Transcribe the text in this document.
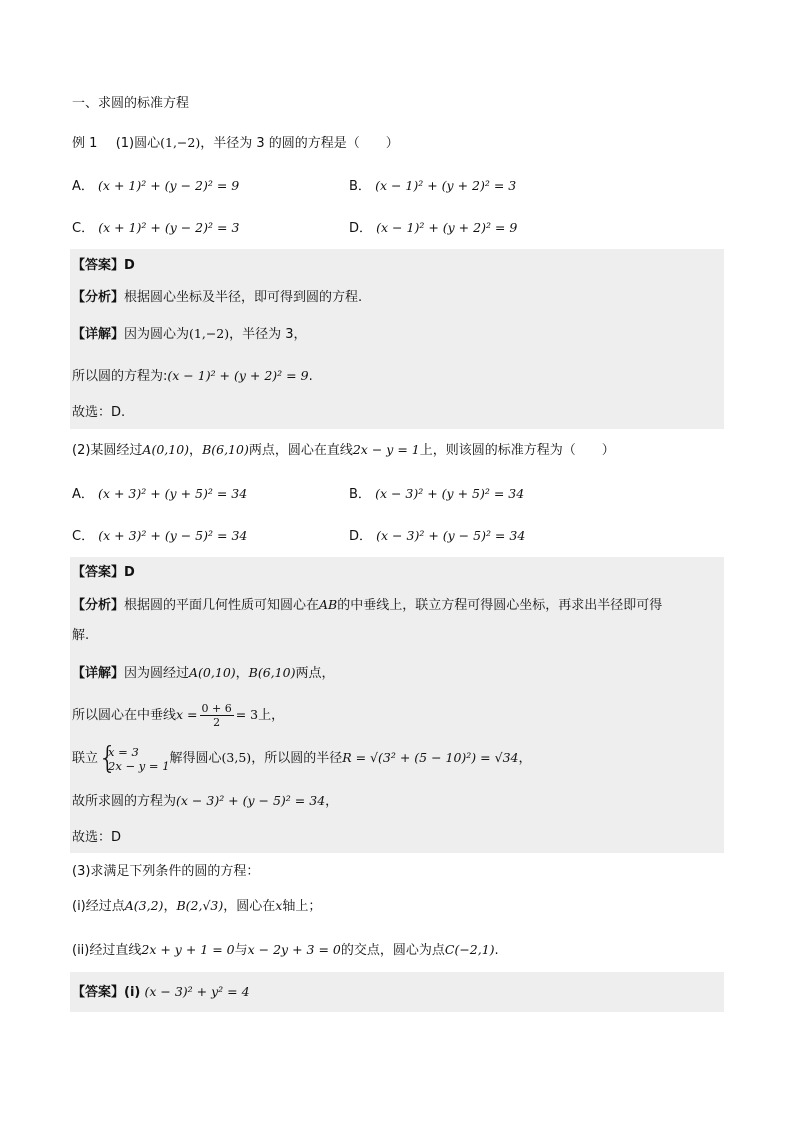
一、求圆的标准方程
例 1 (1)圆心(1,−2)，半径为 3 的圆的方程是（　　）
A． (x + 1)² + (y − 2)² = 9	B． (x − 1)² + (y + 2)² = 3
C． (x + 1)² + (y − 2)² = 3	D． (x − 1)² + (y + 2)² = 9
【答案】D
【分析】根据圆心坐标及半径，即可得到圆的方程.
【详解】因为圆心为(1,−2)，半径为 3，
所以圆的方程为:(x − 1)² + (y + 2)² = 9.
故选：D.
(2)某圆经过A(0,10)，B(6,10)两点，圆心在直线2x − y = 1上，则该圆的标准方程为（　　）
A． (x + 3)² + (y + 5)² = 34	B． (x − 3)² + (y + 5)² = 34
C． (x + 3)² + (y − 5)² = 34	D． (x − 3)² + (y − 5)² = 34
【答案】D
【分析】根据圆的平面几何性质可知圆心在AB的中垂线上，联立方程可得圆心坐标，再求出半径即可得
解.
【详解】因为圆经过A(0,10)，B(6,10)两点，
所以圆心在中垂线$x = \frac{0 + 6}{2} = 3$上，
联立 {
x = 3
2x − y = 1 解得圆心(3,5)，所以圆的半径R = √(3² + (5 − 10)²) = √34，
故所求圆的方程为(x − 3)² + (y − 5)² = 34，
故选：D
(3)求满足下列条件的圆的方程：
(i)经过点A(3,2)，B(2,√3)，圆心在x轴上；
(ii)经过直线2x + y + 1 = 0与x − 2y + 3 = 0的交点，圆心为点C(−2,1).
【答案】(i) (x − 3)² + y² = 4
